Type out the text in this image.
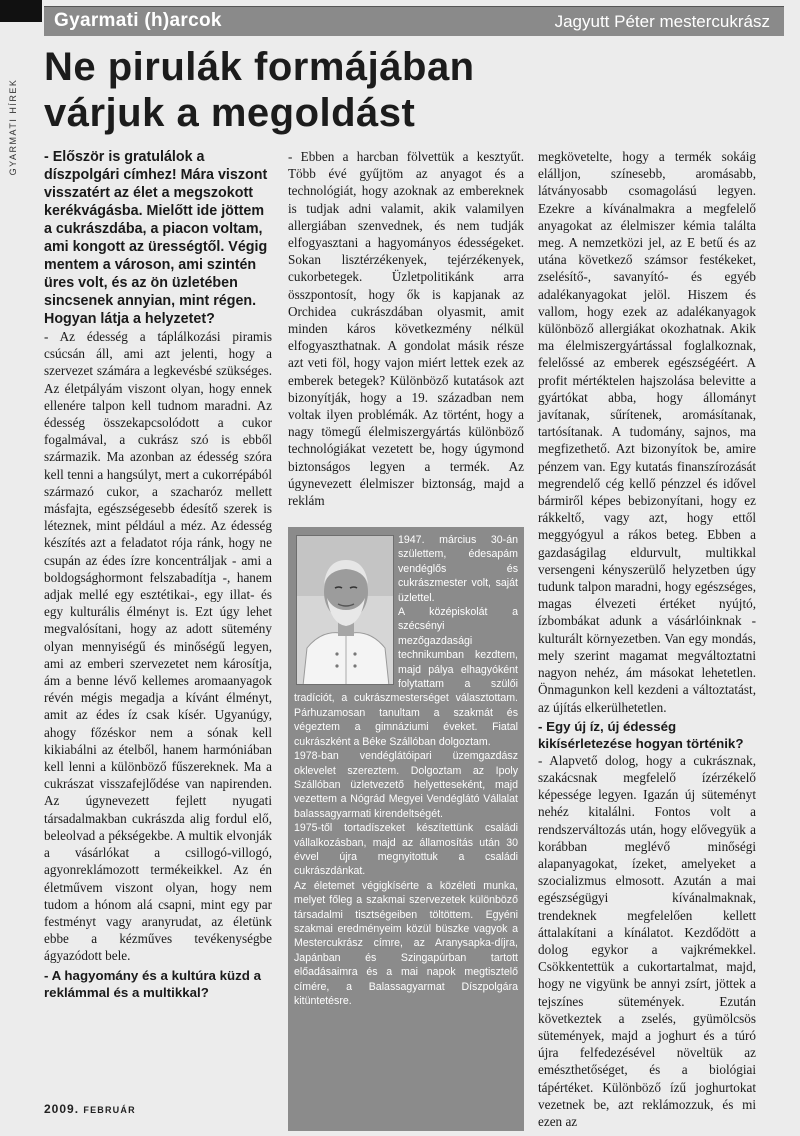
Gyarmati (h)arcok	Jagyutt Péter mestercukrász
GYARMATI HÍREK
Ne pirulák formájában várjuk a megoldást

- Először is gratulálok a díszpolgári címhez! Mára viszont visszatért az élet a megszokott kerékvágásba. Mielőtt ide jöttem a cukrászdába, a piacon voltam, ami kongott az ürességtől. Végig mentem a városon, ami szintén üres volt, és az ön üzletében sincsenek annyian, mint régen. Hogyan látja a helyzetet?

- Az édesség a táplálkozási piramis csúcsán áll, ami azt jelenti, hogy a szervezet számára a legkevésbé szükséges. Az életpályám viszont olyan, hogy ennek ellenére talpon kell tudnom maradni. Az édesség összekapcsolódott a cukor fogalmával, a cukrász szó is ebből származik. Ma azonban az édesség szóra kell tenni a hangsúlyt, mert a cukorrépából származó cukor, a szacharóz mellett másfajta, egészségesebb édesítő szerek is léteznek, mint például a méz. Az édesség készítés azt a feladatot rója ránk, hogy ne csupán az édes ízre koncentráljak - ami a boldogsághormont felszabadítja -, hanem adjak mellé egy esztétikai-, egy illat- és egy kulturális élményt is. Ezt úgy lehet megvalósítani, hogy az adott sütemény olyan mennyiségű és minőségű legyen, ami az emberi szervezetet nem károsítja, ám a benne lévő kellemes aromaanyagok révén mégis megadja a kívánt élményt, amit az édes íz csak kísér. Ugyanúgy, ahogy főzéskor nem a sónak kell kikiabálni az ételből, hanem harmóniában kell lenni a különböző fűszereknek. Ma a cukrászat visszafejlődése van napirenden. Az úgynevezett fejlett nyugati társadalmakban cukrászda alig fordul elő, beleolvad a pékségekbe. A multik elvonják a vásárlókat a csillogó-villogó, agyonreklámozott termékeikkel. Az én életművem viszont olyan, hogy nem tudom a hónom alá csapni, mint egy par festményt vagy aranyrudat, az életünk ebbe a kézműves tevékenységbe ágyazódott bele.

- A hagyomány és a kultúra küzd a reklámmal és a multikkal?

- Ebben a harcban fölvettük a kesztyűt. Több évé gyűjtöm az anyagot és a technológiát, hogy azoknak az embereknek is tudjak adni valamit, akik valamilyen allergiában szenvednek, és nem tudják elfogyasztani a hagyományos édességeket. Sokan lisztérzékenyek, tejérzékenyek, cukorbetegek. Üzletpolitikánk arra összpontosít, hogy ők is kapjanak az Orchidea cukrászdában olyasmit, amit minden káros következmény nélkül elfogyaszthatnak. A gondolat másik része azt veti föl, hogy vajon miért lettek ezek az emberek betegek? Különböző kutatások azt bizonyítják, hogy a 19. században nem voltak ilyen problémák. Az történt, hogy a nagy tömegű élelmiszergyártás különböző technológiákat vezetett be, hogy úgymond biztonságos legyen a termék. Az úgynevezett élelmiszer biztonság, majd a reklám

1947. március 30-án születtem, édesapám vendéglős és cukrászmester volt, saját üzlettel.

A középiskolát a szécsényi mezőgazdasági technikumban kezdtem, majd pálya elhagyóként folytattam a szülői tradíciót, a cukrászmesterséget választottam. Párhuzamosan tanultam a szakmát és végeztem a gimnáziumi éveket. Fiatal cukrászként a Béke Szállóban dolgoztam.

1978-ban vendéglátóipari üzemgazdász oklevelet szereztem. Dolgoztam az Ipoly Szállóban üzletvezető helyetteseként, majd vezettem a Nógrád Megyei Vendéglátó Vállalat balassagyarmati kirendeltségét.

1975-től tortadíszeket készítettünk családi vállalkozásban, majd az államosítás után 30 évvel újra megnyitottuk a családi cukrászdánkat.

Az életemet végigkísérte a közéleti munka, melyet főleg a szakmai szervezetek különböző társadalmi tisztségeiben töltöttem. Egyéni szakmai eredményeim közül büszke vagyok a Mestercukrász címre, az Aranysapka-díjra, Japánban és Szingapúrban tartott előadásaimra és a mai napok megtisztelő címére, a Balassagyarmat Díszpolgára kitüntetésre.

megkövetelte, hogy a termék sokáig elálljon, színesebb, aromásabb, látványosabb csomagolású legyen. Ezekre a kívánalmakra a megfelelő anyagokat az élelmiszer kémia találta meg. A nemzetközi jel, az E betű és az utána következő számsor festékeket, zselésítő-, savanyító- és egyéb adalékanyagokat jelöl. Hiszem és vallom, hogy ezek az adalékanyagok különböző allergiákat okozhatnak. Akik ma élelmiszergyártással foglalkoznak, felelőssé az emberek egészségéért. A profit mértéktelen hajszolása belevitte a gyártókat abba, hogy állományt javítanak, sűrítenek, aromásítanak, tartósítanak. A tudomány, sajnos, ma megfizethető. Azt bizonyítok be, amire pénzem van. Egy kutatás finanszírozását megrendelő cég kellő pénzzel és idővel bármiről képes bebizonyítani, hogy ez rákkeltő, vagy azt, hogy ettől meggyógyul a rákos beteg. Ebben a gazdaságilag eldurvult, multikkal versengeni kényszerülő helyzetben úgy tudunk talpon maradni, hogy egészséges, magas élvezeti értéket nyújtó, ízbombákat adunk a vásárlóinknak - kulturált környezetben. Van egy mondás, mely szerint magamat megváltoztatni nagyon nehéz, ám másokat lehetetlen. Önmagunkon kell kezdeni a változtatást, az újítás elkerülhetetlen.

- Egy új íz, új édesség kikísérletezése hogyan történik?

- Alapvető dolog, hogy a cukrásznak, szakácsnak megfelelő ízérzékelő képessége legyen. Igazán új süteményt nehéz kitalálni. Fontos volt a rendszerváltozás után, hogy elővegyük a korábban meglévő minőségi alapanyagokat, ízeket, amelyeket a szocializmus elmosott. Azután a mai egészségügyi kívánalmaknak, trendeknek megfelelően kellett áttalakítani a kínálatot. Kezdődött a dolog egykor a vajkrémekkel. Csökkentettük a cukortartalmat, majd, hogy ne vigyünk be annyi zsírt, jöttek a tejszínes sütemények. Ezután következtek a zselés, gyümölcsös sütemények, majd a joghurt és a túró újra felfedezésével növeltük az emészthetőséget, és a biológiai tápértéket. Különböző ízű joghurtokat vezetnek be, azt reklámozzuk, és mi ezen az

2009. FEBRUÁR
